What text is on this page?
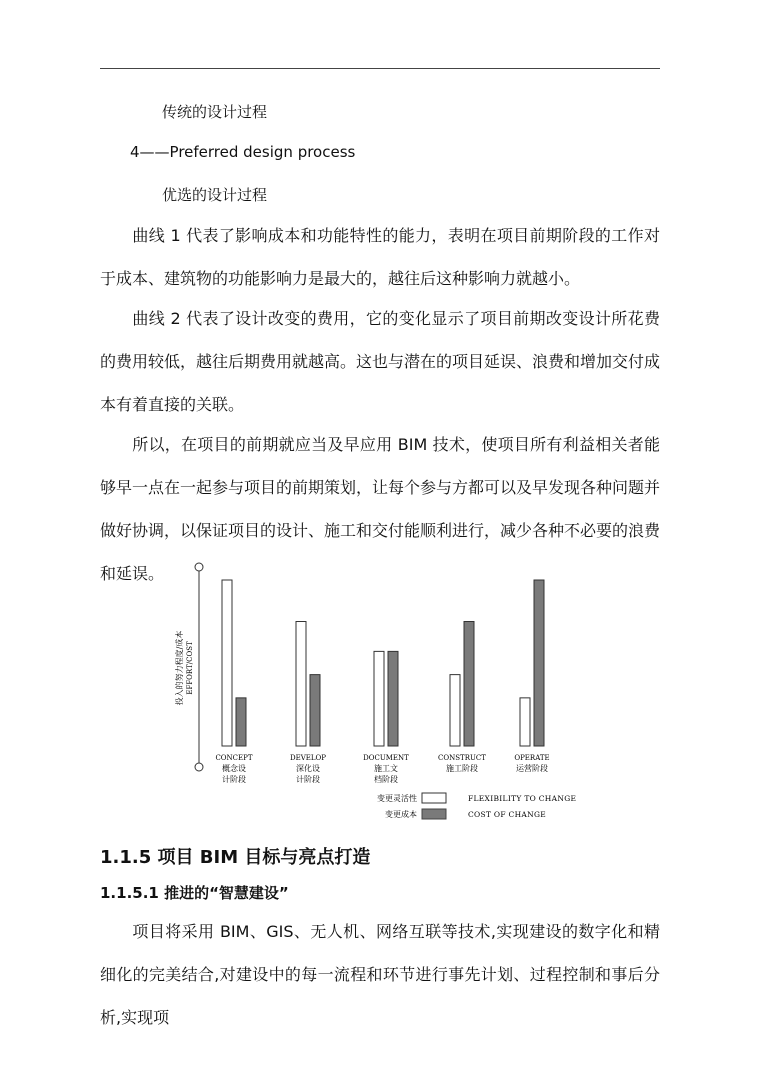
传统的设计过程
4——Preferred design process
优选的设计过程
曲线 1 代表了影响成本和功能特性的能力，表明在项目前期阶段的工作对于成本、建筑物的功能影响力是最大的，越往后这种影响力就越小。
曲线 2 代表了设计改变的费用，它的变化显示了项目前期改变设计所花费的费用较低，越往后期费用就越高。这也与潜在的项目延误、浪费和增加交付成本有着直接的关联。
所以，在项目的前期就应当及早应用 BIM 技术，使项目所有利益相关者能够早一点在一起参与项目的前期策划，让每个参与方都可以及早发现各种问题并做好协调，以保证项目的设计、施工和交付能顺利进行，减少各种不必要的浪费和延误。
投入的努力程度/成本 EFFORT/COST
CONCEPT
概念设
计阶段
DEVELOP
深化设
计阶段
DOCUMENT
施工文
档阶段
CONSTRUCT
施工阶段
OPERATE
运营阶段
变更灵活性	FLEXIBILITY TO CHANGE
变更成本	COST OF CHANGE
1.1.5 项目 BIM 目标与亮点打造
1.1.5.1 推进的“智慧建设”
项目将采用 BIM、GIS、无人机、网络互联等技术,实现建设的数字化和精细化的完美结合,对建设中的每一流程和环节进行事先计划、过程控制和事后分析,实现项
